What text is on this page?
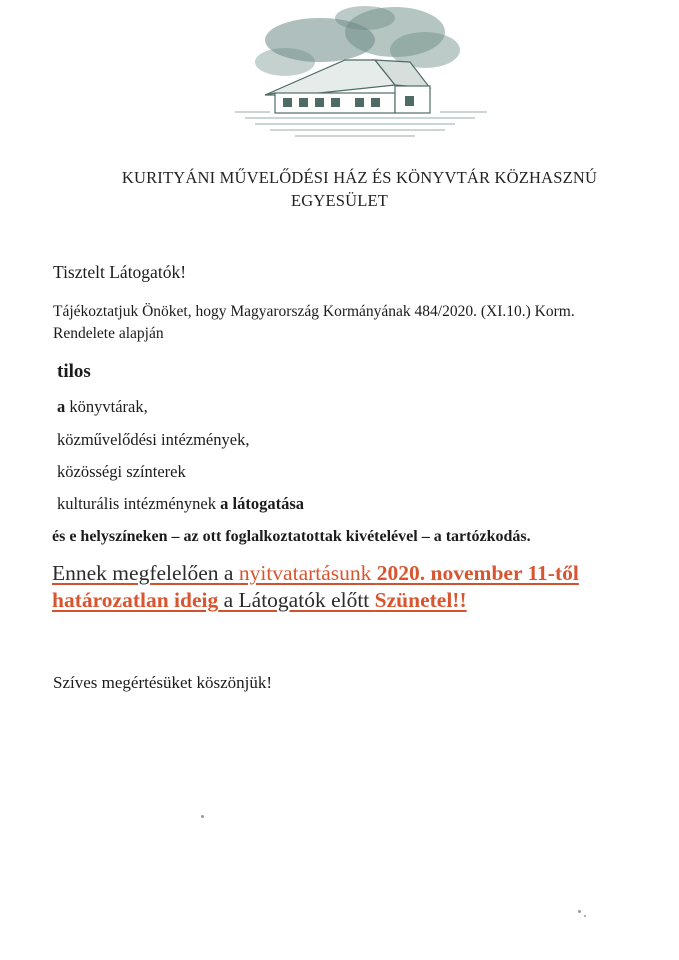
KURITYÁNI MŰVELŐDÉSI HÁZ ÉS KÖNYVTÁR KÖZHASZNÚ
EGYESÜLET
Tisztelt Látogatók!
Tájékoztatjuk Önöket, hogy Magyarország Kormányának 484/2020. (XI.10.) Korm.
Rendelete alapján
tilos
a könyvtárak,
közművelődési intézmények,
közösségi színterek
kulturális intézménynek a látogatása
és e helyszíneken – az ott foglalkoztatottak kivételével – a tartózkodás.
Ennek megfelelően a nyitvatartásunk 2020. november 11-től határozatlan ideig a Látogatók előtt Szünetel!!
Szíves megértésüket köszönjük!
